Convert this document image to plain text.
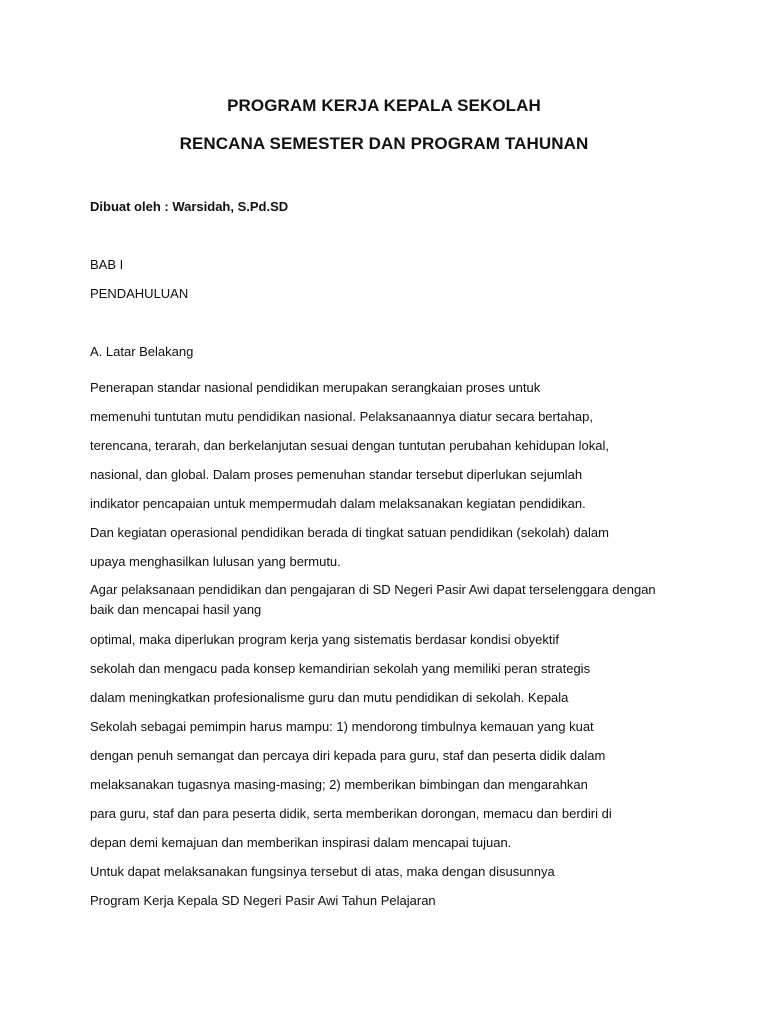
PROGRAM KERJA KEPALA SEKOLAH
RENCANA SEMESTER DAN PROGRAM TAHUNAN
Dibuat oleh : Warsidah, S.Pd.SD
BAB I
PENDAHULUAN
A. Latar Belakang
Penerapan standar nasional pendidikan merupakan serangkaian proses untuk
memenuhi tuntutan mutu pendidikan nasional. Pelaksanaannya diatur secara bertahap,
terencana, terarah, dan berkelanjutan sesuai dengan tuntutan perubahan kehidupan lokal,
nasional, dan global. Dalam proses pemenuhan standar tersebut diperlukan sejumlah
indikator pencapaian untuk mempermudah dalam melaksanakan kegiatan pendidikan.
Dan kegiatan operasional pendidikan berada di tingkat satuan pendidikan (sekolah) dalam
upaya menghasilkan lulusan yang bermutu.
Agar pelaksanaan pendidikan dan pengajaran di SD Negeri Pasir Awi dapat terselenggara dengan baik dan mencapai hasil yang
optimal, maka diperlukan program kerja yang sistematis berdasar kondisi obyektif
sekolah dan mengacu pada konsep kemandirian sekolah yang memiliki peran strategis
dalam meningkatkan profesionalisme guru dan mutu pendidikan di sekolah. Kepala
Sekolah sebagai pemimpin harus mampu: 1) mendorong timbulnya kemauan yang kuat
dengan penuh semangat dan percaya diri kepada para guru, staf dan peserta didik dalam
melaksanakan tugasnya masing-masing; 2) memberikan bimbingan dan mengarahkan
para guru, staf dan para peserta didik, serta memberikan dorongan, memacu dan berdiri di
depan demi kemajuan dan memberikan inspirasi dalam mencapai tujuan.
Untuk dapat melaksanakan fungsinya tersebut di atas, maka dengan disusunnya
Program Kerja Kepala SD Negeri Pasir Awi Tahun Pelajaran
